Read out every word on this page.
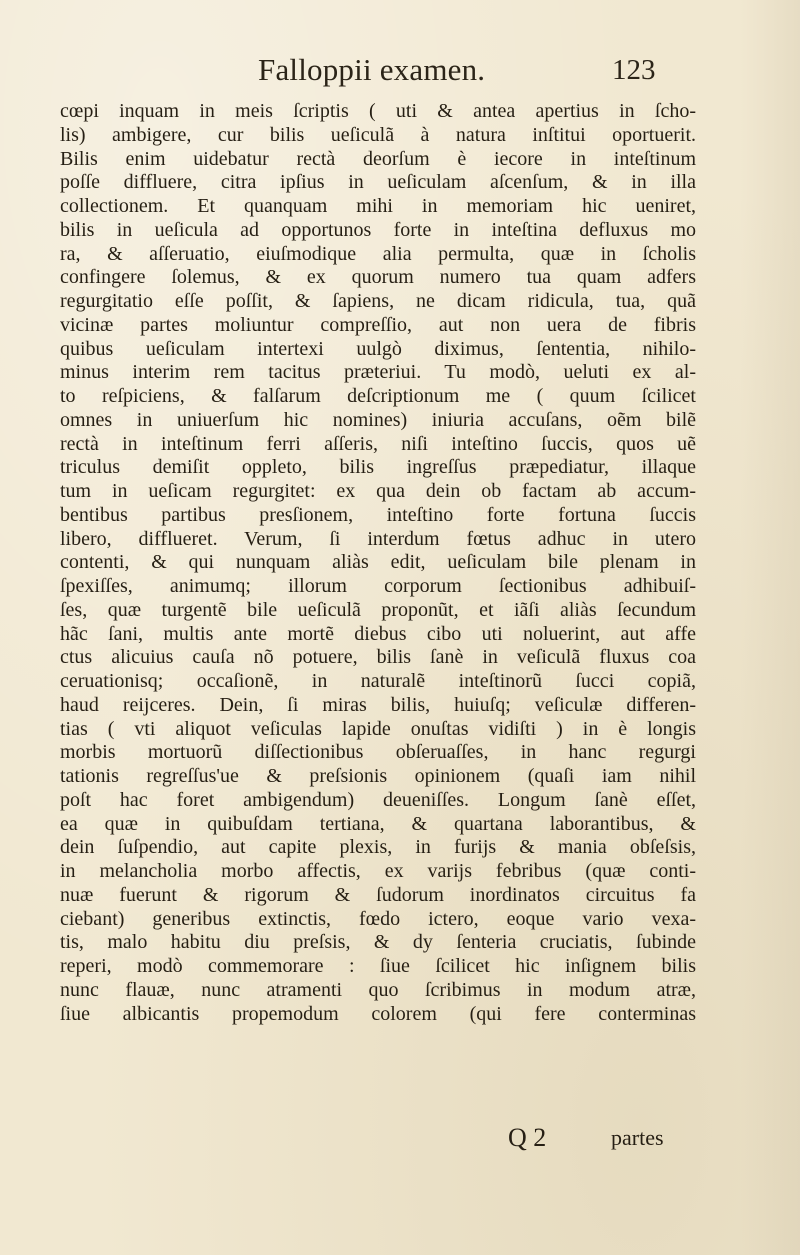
Falloppii examen.	123
cœpi inquam in meis ſcriptis ( uti & antea apertius in ſcho-
lis) ambigere, cur bilis ueſiculã à natura inſtitui oportuerit.
Bilis enim uidebatur rectà deorſum è iecore in inteſtinum
poſſe diffluere, citra ipſius in ueſiculam aſcenſum, & in illa
collectionem. Et quanquam mihi in memoriam hic ueniret,
bilis in ueſicula ad opportunos forte in inteſtina defluxus mo
ra, & aſſeruatio, eiuſmodique alia permulta, quæ in ſcholis
confingere ſolemus, & ex quorum numero tua quam adfers
regurgitatio eſſe poſſit, & ſapiens, ne dicam ridicula, tua, quã
vicinæ partes moliuntur compreſſio, aut non uera de fibris
quibus ueſiculam intertexi uulgò diximus, ſententia, nihilo-
minus interim rem tacitus præteriui. Tu modò, ueluti ex al-
to reſpiciens, & falſarum deſcriptionum me ( quum ſcilicet
omnes in uniuerſum hic nomines) iniuria accuſans, oẽm bilẽ
rectà in inteſtinum ferri aſſeris, niſi inteſtino ſuccis, quos uẽ
triculus demiſit oppleto, bilis ingreſſus præpediatur, illaque
tum in ueſicam regurgitet: ex qua dein ob factam ab accum-
bentibus partibus presſionem, inteſtino forte fortuna ſuccis
libero, difflueret. Verum, ſi interdum fœtus adhuc in utero
contenti, & qui nunquam aliàs edit, ueſiculam bile plenam in
ſpexiſſes, animumq; illorum corporum ſectionibus adhibuiſ-
ſes, quæ turgentẽ bile ueſiculã proponũt, et iãſi aliàs ſecundum
hãc ſani, multis ante mortẽ diebus cibo uti noluerint, aut affe
ctus alicuius cauſa nõ potuere, bilis ſanè in veſiculã fluxus coa
ceruationisq; occaſionẽ, in naturalẽ inteſtinorũ ſucci copiã,
haud reijceres. Dein, ſi miras bilis, huiuſq; veſiculæ differen-
tias ( vti aliquot veſiculas lapide onuſtas vidiſti ) in è longis
morbis mortuorũ diſſectionibus obſeruaſſes, in hanc regurgi
tationis regreſſus'ue & preſsionis opinionem (quaſi iam nihil
poſt hac foret ambigendum) deueniſſes. Longum ſanè eſſet,
ea quæ in quibuſdam tertiana, & quartana laborantibus, &
dein ſuſpendio, aut capite plexis, in furijs & mania obſeſsis,
in melancholia morbo affectis, ex varijs febribus (quæ conti-
nuæ fuerunt & rigorum & ſudorum inordinatos circuitus fa
ciebant) generibus extinctis, fœdo ictero, eoque vario vexa-
tis, malo habitu diu preſsis, & dy ſenteria cruciatis, ſubinde
reperi, modò commemorare : ſiue ſcilicet hic inſignem bilis
nunc flauæ, nunc atramenti quo ſcribimus in modum atræ,
ſiue albicantis propemodum colorem (qui fere conterminas
Q 2	partes
